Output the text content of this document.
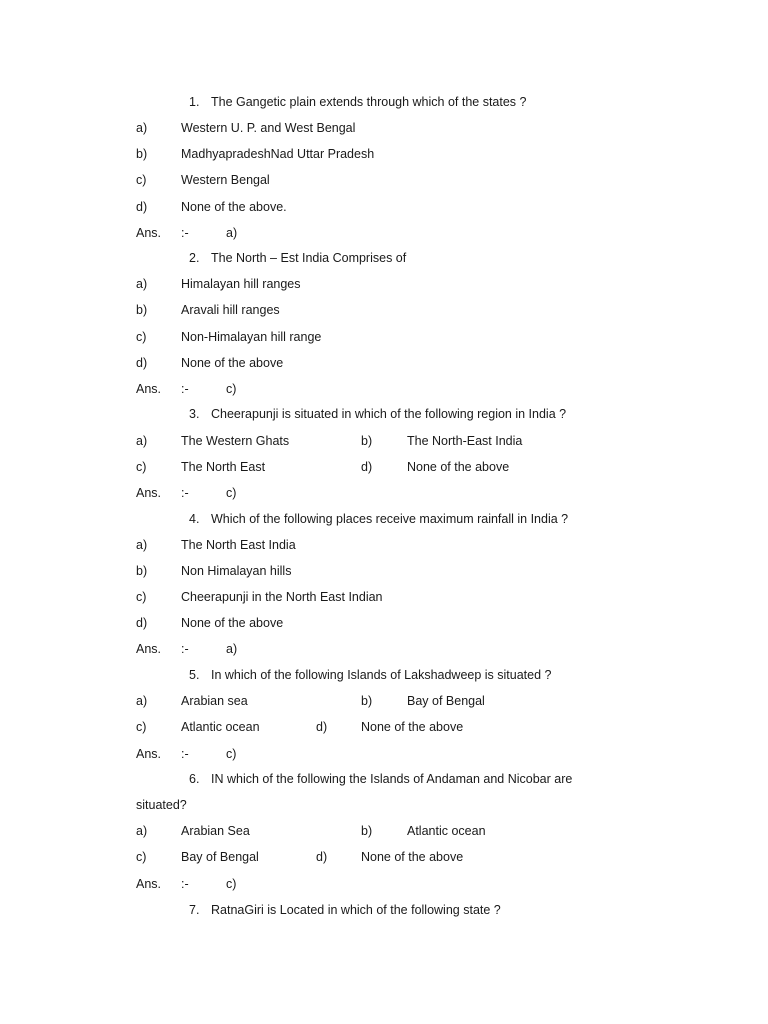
1. The Gangetic plain extends through which of the states ?
a)	Western U. P. and West Bengal
b)	MadhyapradeshNad Uttar Pradesh
c)	Western Bengal
d)	None of the above.
Ans. :-	a)
2. The North – Est India Comprises of
a)	Himalayan hill ranges
b)	Aravali hill ranges
c)	Non-Himalayan hill range
d)	None of the above
Ans. :-	c)
3. Cheerapunji is situated in which of the following region in India ?
a)	The Western Ghats	b)	The North-East India
c)	The North East	d)	None of the above
Ans. :-	c)
4. Which of the following places receive maximum rainfall in India ?
a)	The North East India
b)	Non Himalayan hills
c)	Cheerapunji in the North East Indian
d)	None of the above
Ans. :-	a)
5. In which of the following Islands of Lakshadweep is situated ?
a)	Arabian sea	b)	Bay of Bengal
c)	Atlantic ocean	d)	None of the above
Ans. :-	c)
6. IN which of the following the Islands of Andaman and Nicobar are
situated?
a)	Arabian Sea	b)	Atlantic ocean
c)	Bay of Bengal	d)	None of the above
Ans. :-	c)
7. RatnaGiri is Located in which of the following state ?
